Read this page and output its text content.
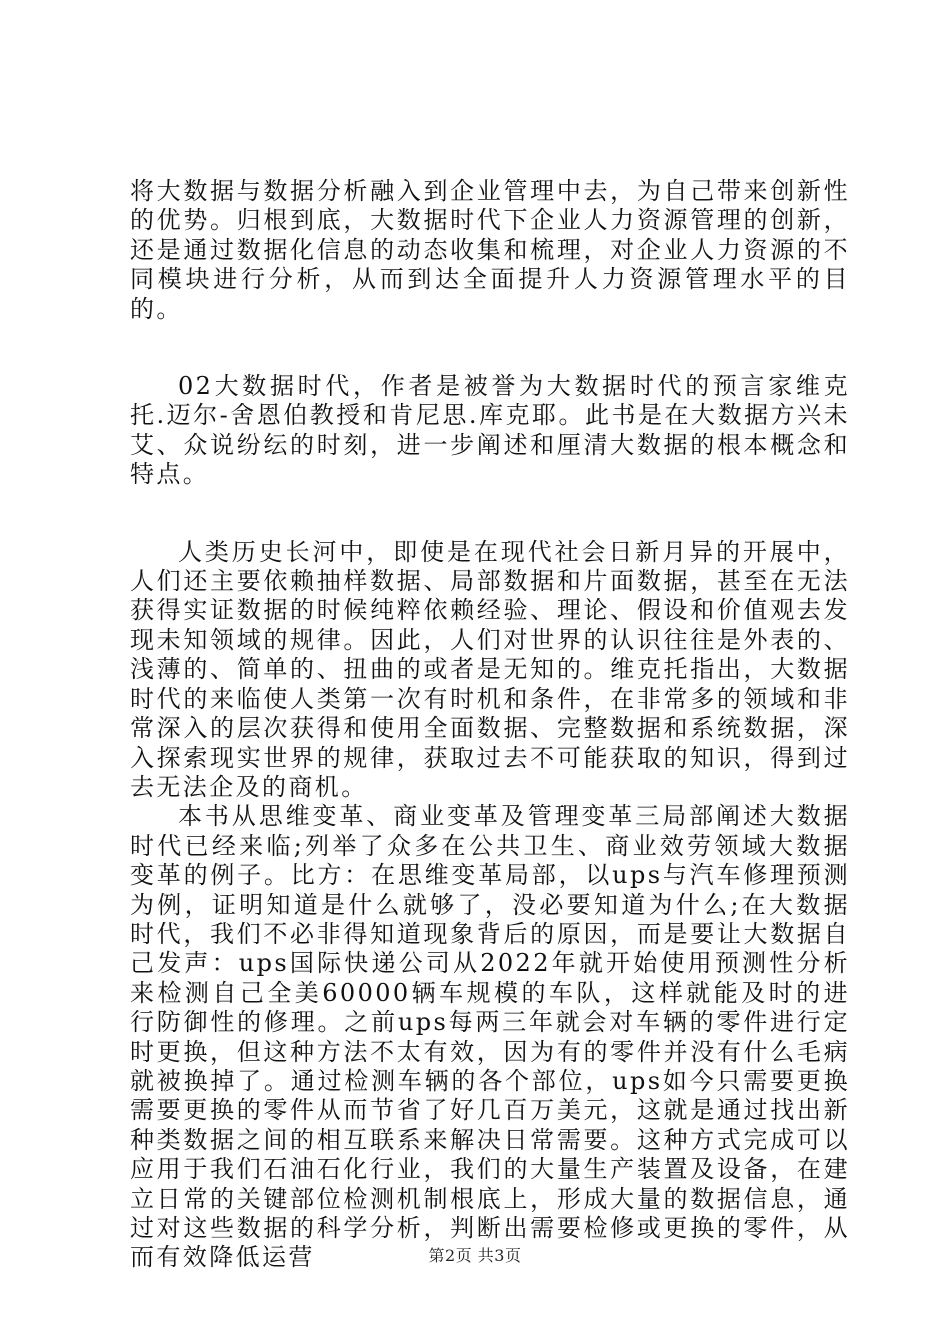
将大数据与数据分析融入到企业管理中去，为自己带来创新性的优势。归根到底，大数据时代下企业人力资源管理的创新，还是通过数据化信息的动态收集和梳理，对企业人力资源的不同模块进行分析，从而到达全面提升人力资源管理水平的目的。

02大数据时代，作者是被誉为大数据时代的预言家维克托.迈尔-舍恩伯教授和肯尼思.库克耶。此书是在大数据方兴未艾、众说纷纭的时刻，进一步阐述和厘清大数据的根本概念和特点。

人类历史长河中，即使是在现代社会日新月异的开展中，人们还主要依赖抽样数据、局部数据和片面数据，甚至在无法获得实证数据的时候纯粹依赖经验、理论、假设和价值观去发现未知领域的规律。因此，人们对世界的认识往往是外表的、浅薄的、简单的、扭曲的或者是无知的。维克托指出，大数据时代的来临使人类第一次有时机和条件，在非常多的领域和非常深入的层次获得和使用全面数据、完整数据和系统数据，深入探索现实世界的规律，获取过去不可能获取的知识，得到过去无法企及的商机。

本书从思维变革、商业变革及管理变革三局部阐述大数据时代已经来临;列举了众多在公共卫生、商业效劳领域大数据变革的例子。比方：在思维变革局部，以ups与汽车修理预测为例，证明知道是什么就够了，没必要知道为什么;在大数据时代，我们不必非得知道现象背后的原因，而是要让大数据自己发声：ups国际快递公司从2022年就开始使用预测性分析来检测自己全美60000辆车规模的车队，这样就能及时的进行防御性的修理。之前ups每两三年就会对车辆的零件进行定时更换，但这种方法不太有效，因为有的零件并没有什么毛病就被换掉了。通过检测车辆的各个部位，ups如今只需要更换需要更换的零件从而节省了好几百万美元，这就是通过找出新种类数据之间的相互联系来解决日常需要。这种方式完成可以应用于我们石油石化行业，我们的大量生产装置及设备，在建立日常的关键部位检测机制根底上，形成大量的数据信息，通过对这些数据的科学分析，判断出需要检修或更换的零件，从而有效降低运营	第2页 共3页
